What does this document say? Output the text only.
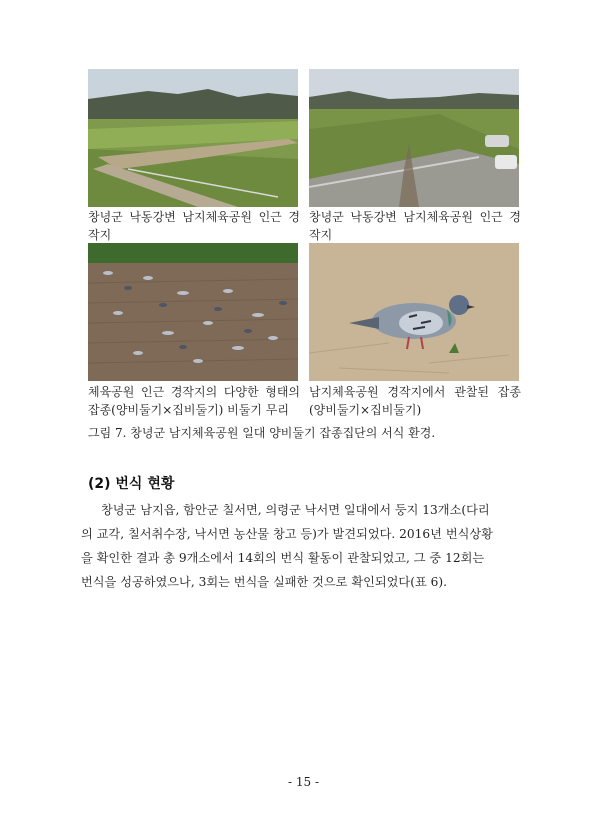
창녕군 낙동강변 남지체육공원 인근 경
작지
창녕군 낙동강변 남지체육공원 인근 경
작지
체육공원 인근 경작지의 다양한 형태의
잡종(양비둘기×집비둘기) 비둘기 무리
남지체육공원 경작지에서 관찰된 잡종
(양비둘기×집비둘기)
그림 7. 창녕군 남지체육공원 일대 양비둘기 잡종집단의 서식 환경.
(2) 번식 현황
창녕군 남지읍, 함안군 칠서면, 의령군 낙서면 일대에서 둥지 13개소(다리
의 교각, 칠서취수장, 낙서면 농산물 창고 등)가 발견되었다. 2016년 번식상황
을 확인한 결과 총 9개소에서 14회의 번식 활동이 관찰되었고, 그 중 12회는
번식을 성공하였으나, 3회는 번식을 실패한 것으로 확인되었다(표 6).
- 15 -
